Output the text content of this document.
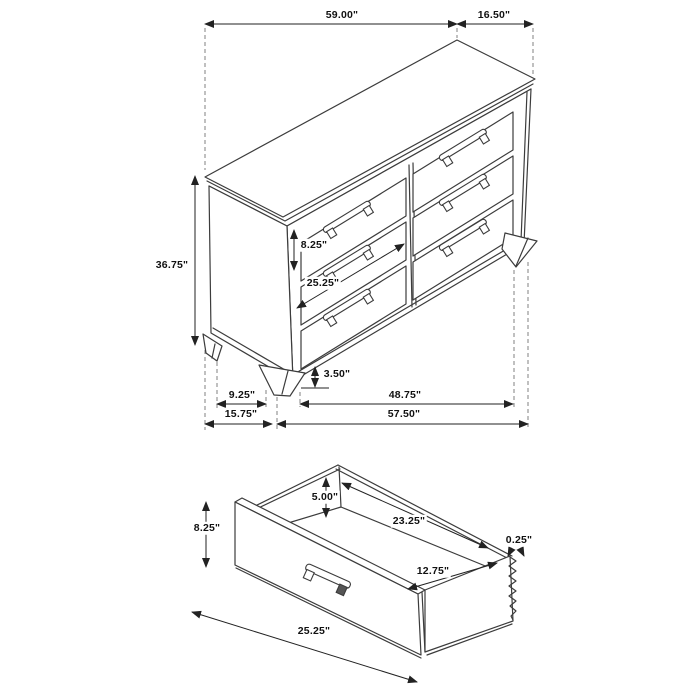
59.00"	16.50"
36.75"
8.25"
25.25"
3.50"
9.25"
15.75"
48.75"
57.50"
8.25"
5.00"
23.25"
0.25"
12.75"
25.25"
